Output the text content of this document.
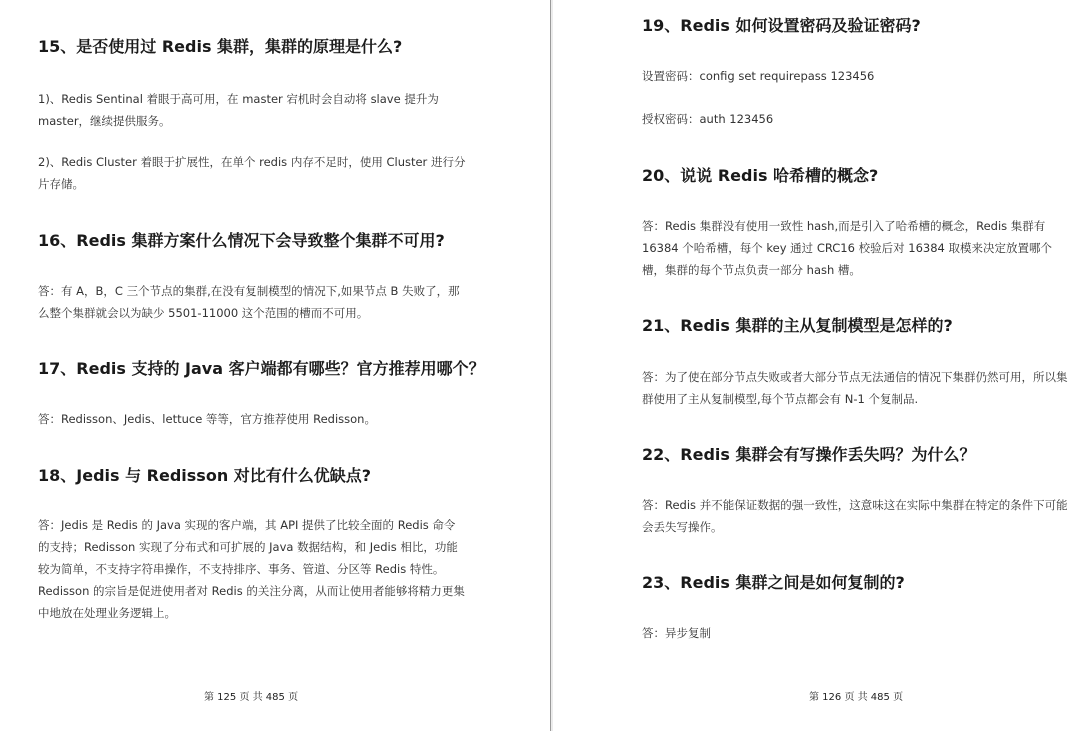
15、是否使用过 Redis 集群，集群的原理是什么?
1)、Redis Sentinal 着眼于高可用，在 master 宕机时会自动将 slave 提升为 master，继续提供服务。
2)、Redis Cluster 着眼于扩展性，在单个 redis 内存不足时，使用 Cluster 进行分片存储。
16、Redis 集群方案什么情况下会导致整个集群不可用?
答：有 A，B，C 三个节点的集群,在没有复制模型的情况下,如果节点 B 失败了，那么整个集群就会以为缺少 5501-11000 这个范围的槽而不可用。
17、Redis 支持的 Java 客户端都有哪些？官方推荐用哪个？
答：Redisson、Jedis、lettuce 等等，官方推荐使用 Redisson。
18、Jedis 与 Redisson 对比有什么优缺点?
答：Jedis 是 Redis 的 Java 实现的客户端，其 API 提供了比较全面的 Redis 命令的支持；Redisson 实现了分布式和可扩展的 Java 数据结构，和 Jedis 相比，功能较为简单，不支持字符串操作，不支持排序、事务、管道、分区等 Redis 特性。Redisson 的宗旨是促进使用者对 Redis 的关注分离，从而让使用者能够将精力更集中地放在处理业务逻辑上。
第 125 页 共 485 页
19、Redis 如何设置密码及验证密码?
设置密码：config set requirepass 123456
授权密码：auth 123456
20、说说 Redis 哈希槽的概念?
答：Redis 集群没有使用一致性 hash,而是引入了哈希槽的概念，Redis 集群有 16384 个哈希槽，每个 key 通过 CRC16 校验后对 16384 取模来决定放置哪个槽，集群的每个节点负责一部分 hash 槽。
21、Redis 集群的主从复制模型是怎样的?
答：为了使在部分节点失败或者大部分节点无法通信的情况下集群仍然可用，所以集群使用了主从复制模型,每个节点都会有 N-1 个复制品.
22、Redis 集群会有写操作丢失吗？为什么？
答：Redis 并不能保证数据的强一致性，这意味这在实际中集群在特定的条件下可能会丢失写操作。
23、Redis 集群之间是如何复制的?
答：异步复制
第 126 页 共 485 页
